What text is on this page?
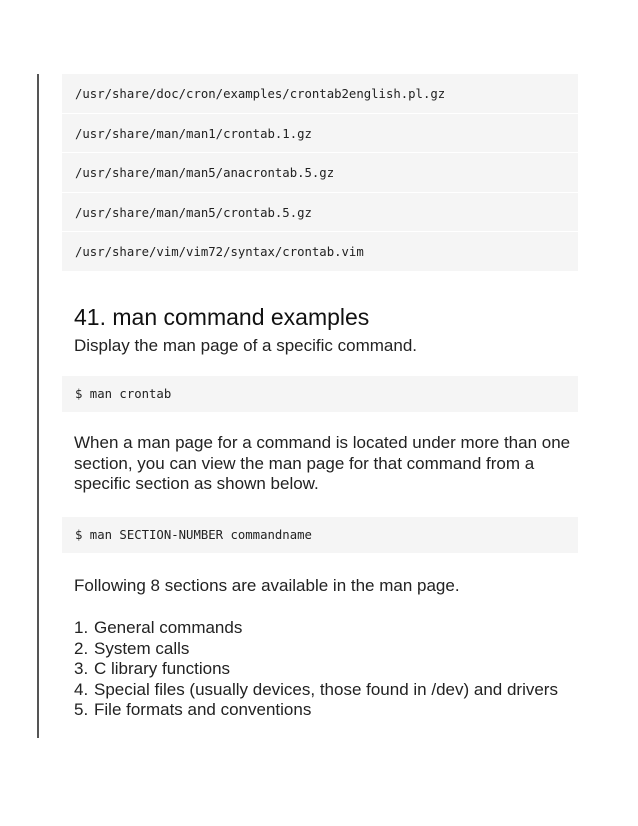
/usr/share/doc/cron/examples/crontab2english.pl.gz
/usr/share/man/man1/crontab.1.gz
/usr/share/man/man5/anacrontab.5.gz
/usr/share/man/man5/crontab.5.gz
/usr/share/vim/vim72/syntax/crontab.vim
41. man command examples

Display the man page of a specific command.

$ man crontab

When a man page for a command is located under more than one section, you can view the man page for that command from a specific section as shown below.

$ man SECTION-NUMBER commandname

Following 8 sections are available in the man page.

1. General commands
2. System calls
3. C library functions
4. Special files (usually devices, those found in /dev) and drivers
5. File formats and conventions
